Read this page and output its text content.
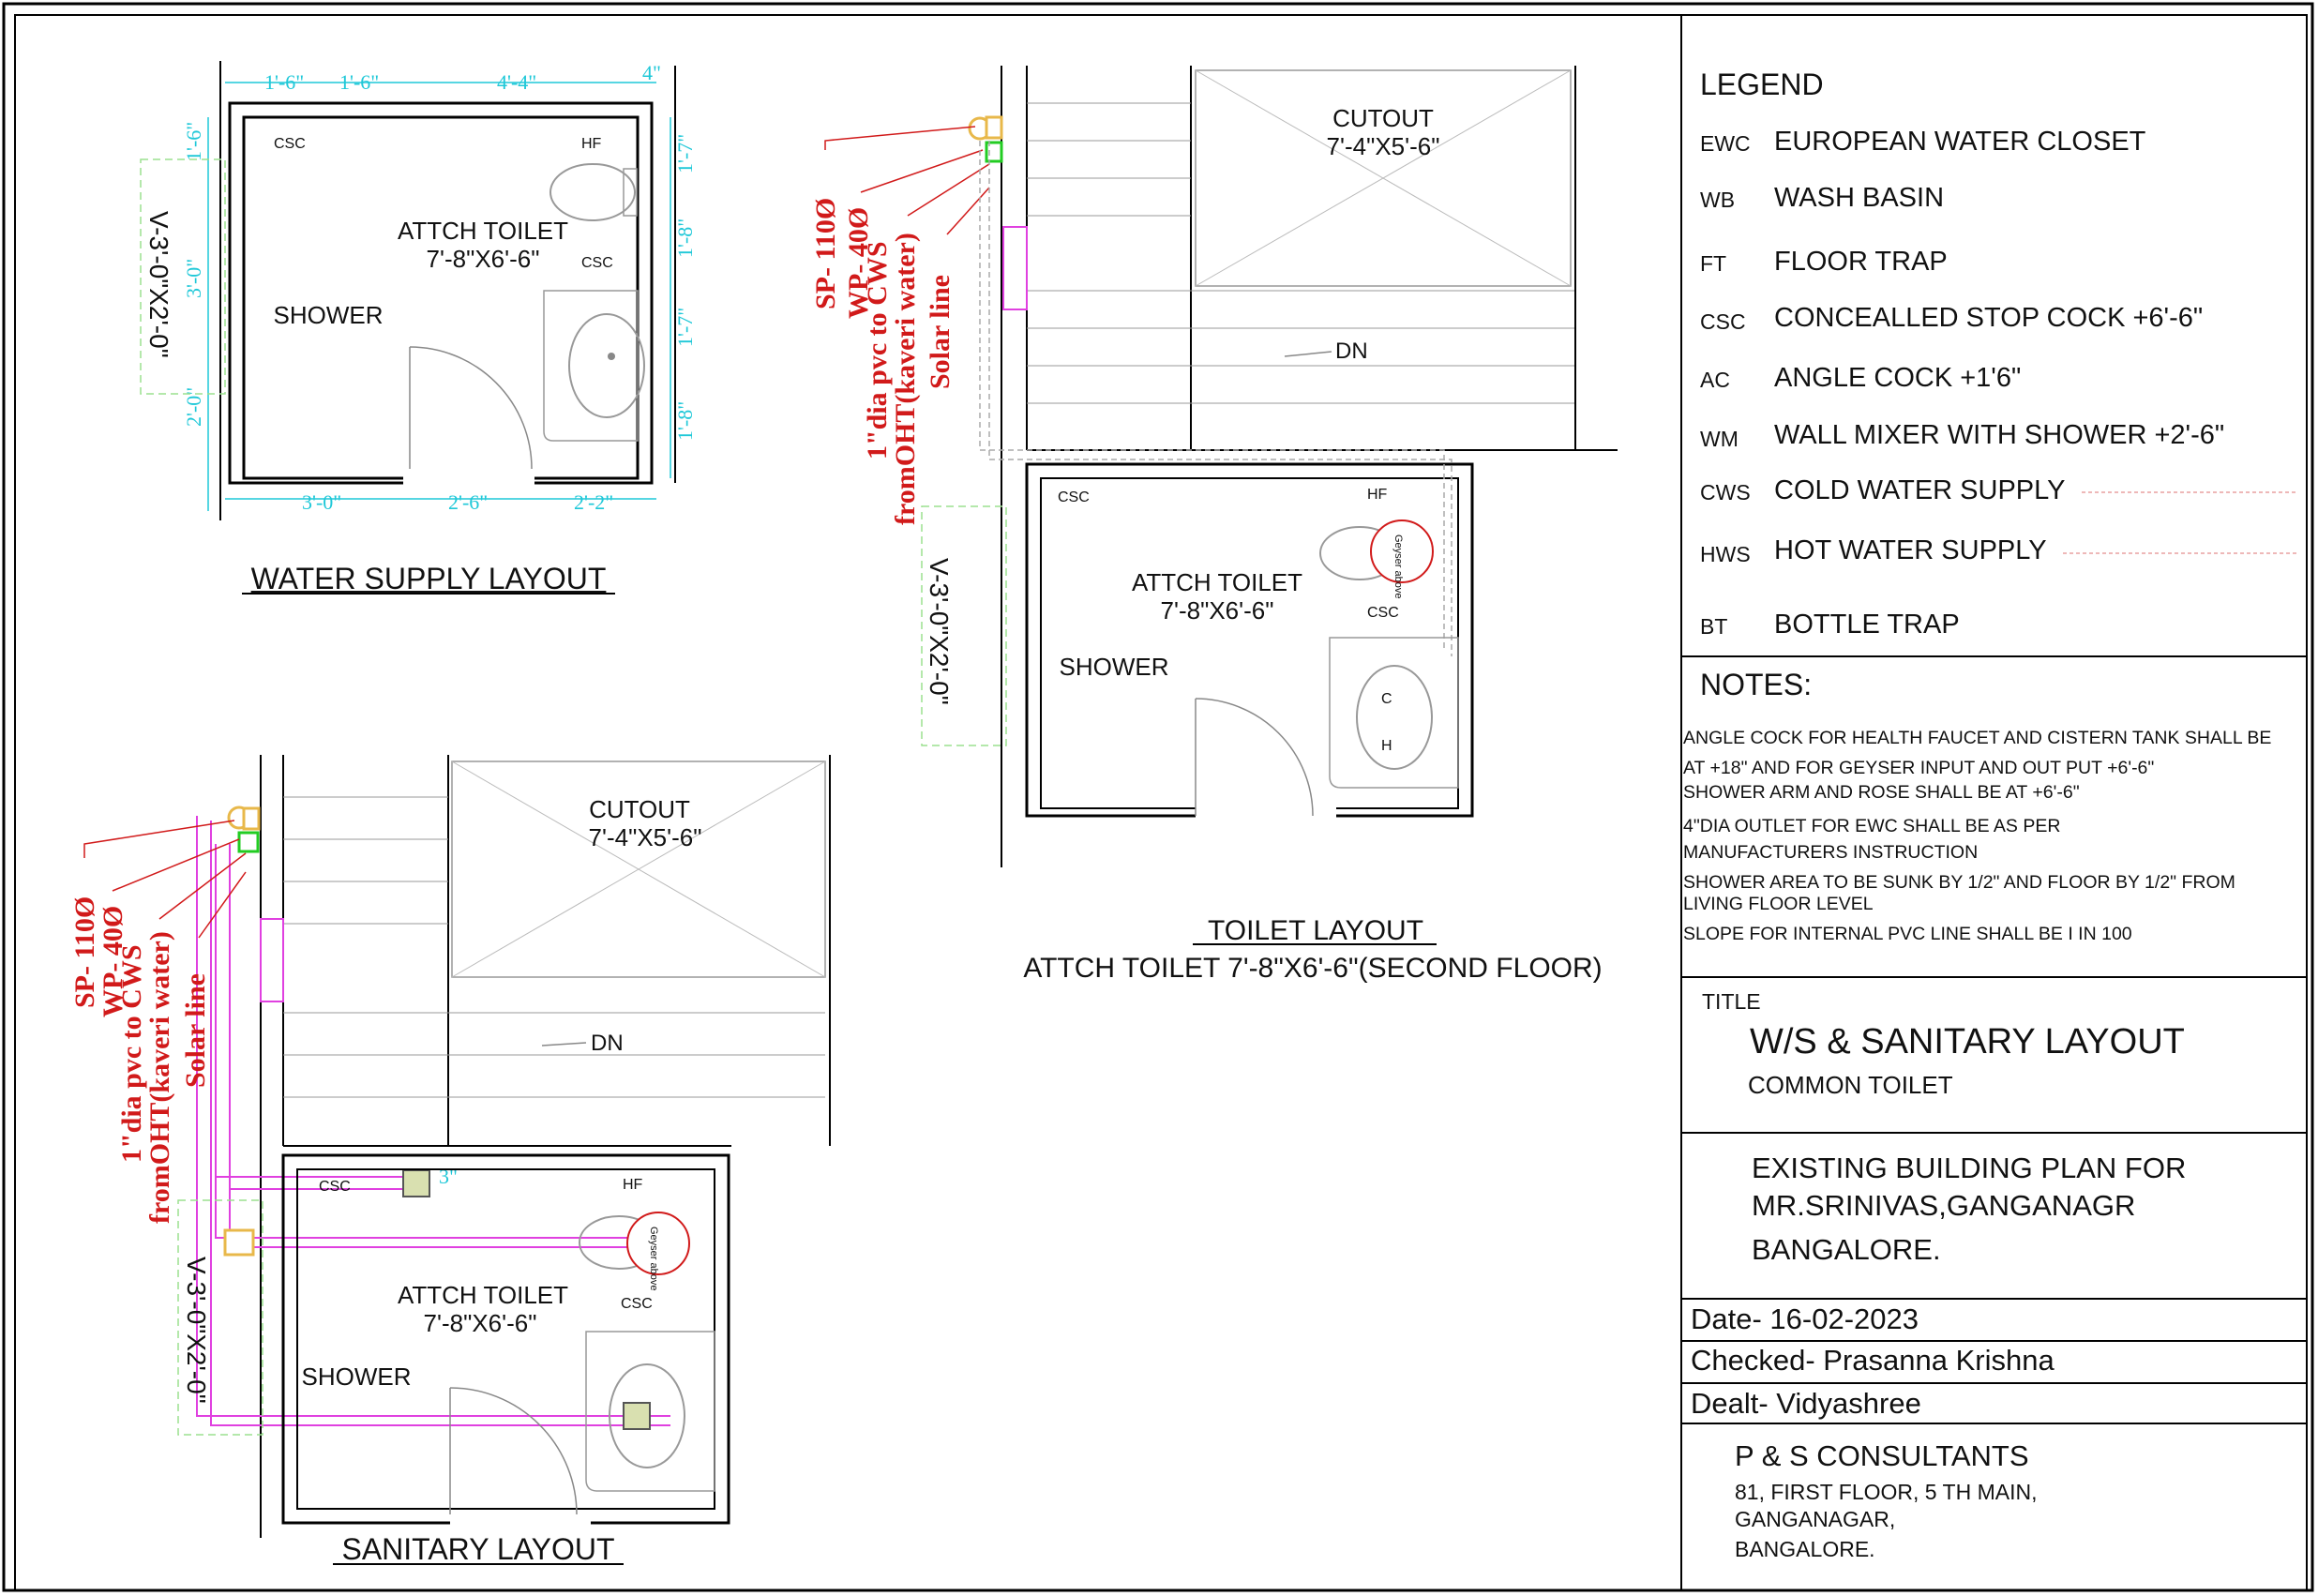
1'-6" 1'-6"	4'-4"	4"
3'-0"	2'-6"	2'-2"
1'-6"
3'-0"
2'-0"
1'-7"
1'-8"
1'-7"
1'-8"
V-3'-0"X2'-0"
CSC	HF
CSC
ATTCH TOILET
7'-8"X6'-6"
SHOWER
WATER SUPPLY LAYOUT
CUTOUT
7'-4"X5'-6"
DN
SP- 110Ø WP- 40Ø
1"dia pvc to CWS
fromOHT(kaveri water) Solar line
V-3'-0"X2'-0"	Geyser above
C
H
CSC	HF
CSC
ATTCH TOILET
7'-8"X6'-6"
SHOWER
TOILET LAYOUT
ATTCH TOILET 7'-8"X6'-6"(SECOND FLOOR)
CUTOUT
7'-4"X5'-6"
DN
3"
SP- 110Ø
WP- 40Ø
1"dia pvc to CWS
fromOHT(kaveri water) Solar line
V-3'-0"X2'-0"	Geyser above
CSC	HF
CSC
ATTCH TOILET
7'-8"X6'-6"
SHOWER
SANITARY LAYOUT
LEGEND
EWC EUROPEAN WATER CLOSET
WB WASH BASIN
FT FLOOR TRAP
CSC CONCEALLED STOP COCK +6'-6"
AC ANGLE COCK +1'6"
WM WALL MIXER WITH SHOWER +2'-6"
CWS COLD WATER SUPPLY
HWS HOT WATER SUPPLY
BT BOTTLE TRAP
NOTES:
ANGLE COCK FOR HEALTH FAUCET AND CISTERN TANK SHALL BE
AT +18" AND FOR GEYSER INPUT AND OUT PUT +6'-6"
SHOWER ARM AND ROSE SHALL BE AT +6'-6"
4"DIA OUTLET FOR EWC SHALL BE AS PER
MANUFACTURERS INSTRUCTION
SHOWER AREA TO BE SUNK BY 1/2" AND FLOOR BY 1/2" FROM
LIVING FLOOR LEVEL
SLOPE FOR INTERNAL PVC LINE SHALL BE I IN 100
TITLE
W/S & SANITARY LAYOUT
COMMON TOILET
EXISTING BUILDING PLAN FOR
MR.SRINIVAS,GANGANAGR
BANGALORE.
Date- 16-02-2023
Checked- Prasanna Krishna
Dealt- Vidyashree
P & S CONSULTANTS
81, FIRST FLOOR, 5 TH MAIN,
GANGANAGAR,
BANGALORE.
